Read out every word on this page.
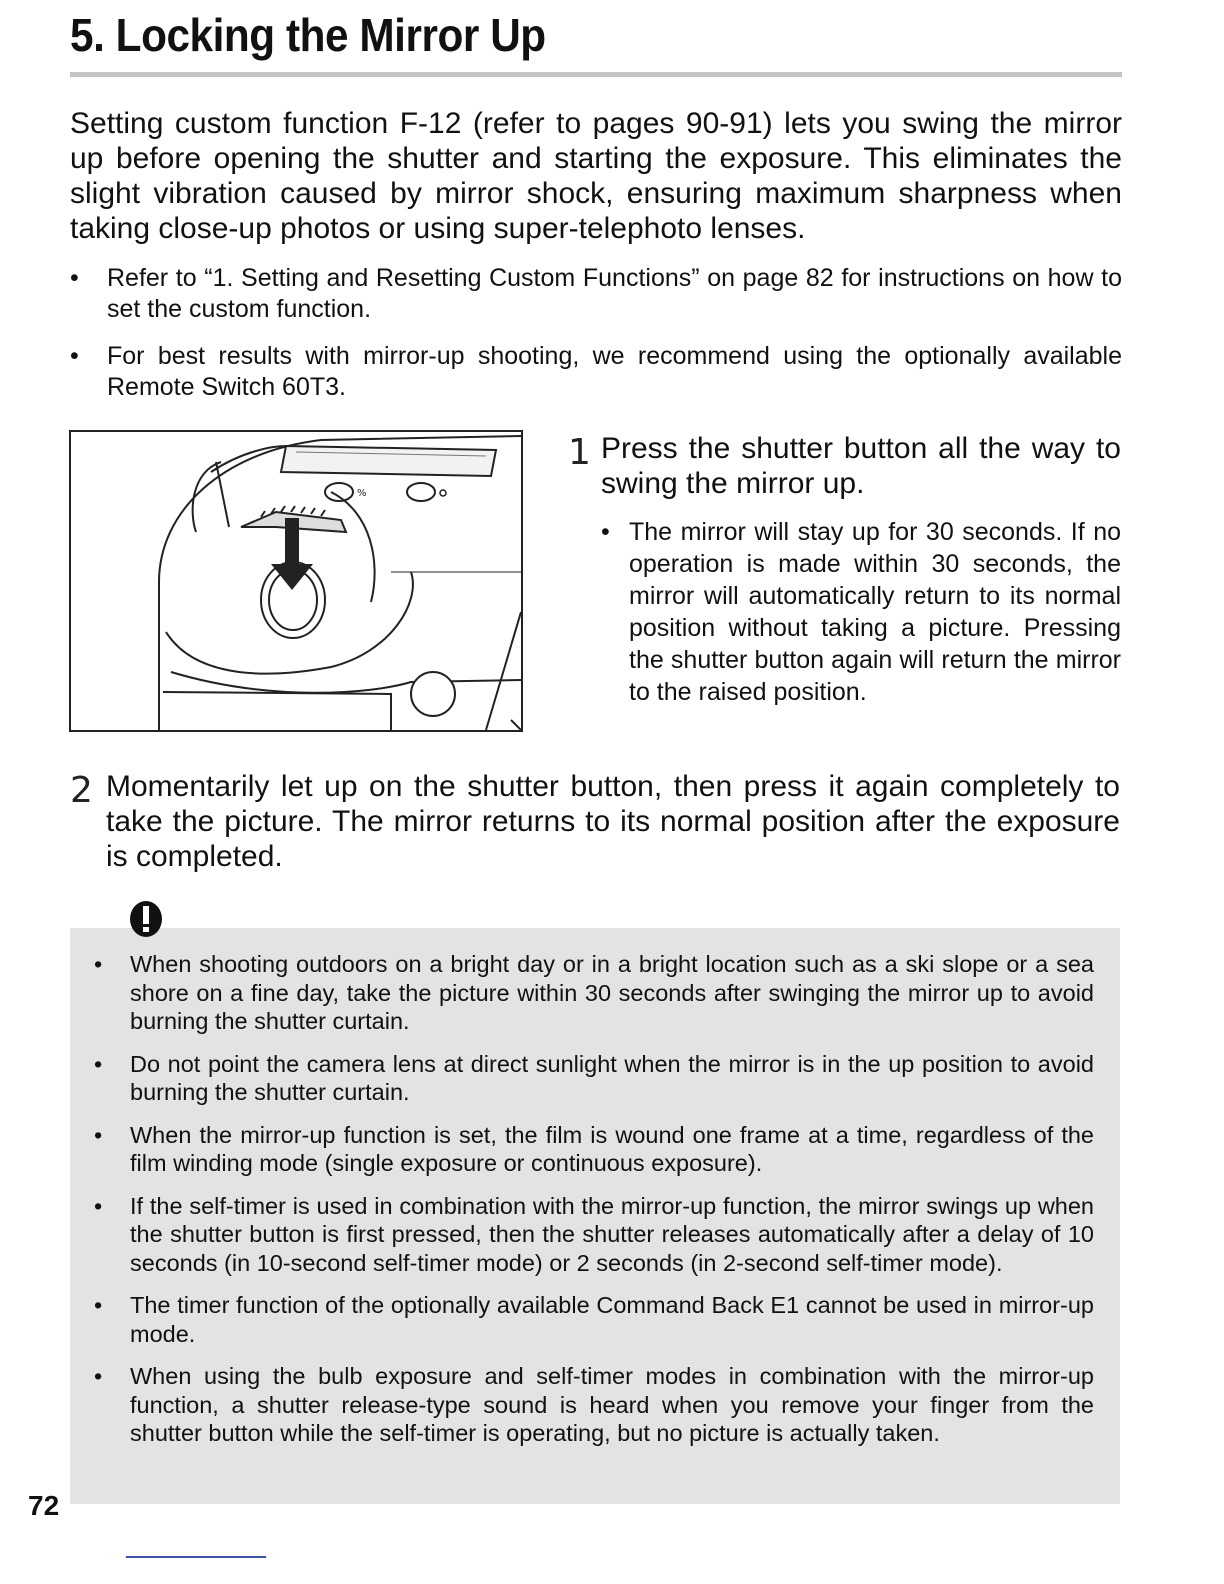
5. Locking the Mirror Up

Setting custom function F-12 (refer to pages 90-91) lets you swing the mirror up before opening the shutter and starting the exposure. This eliminates the slight vibration caused by mirror shock, ensuring maximum sharpness when taking close-up photos or using super-telephoto lenses.

• Refer to “1. Setting and Resetting Custom Functions” on page 82 for instructions on how to set the custom function.
• For best results with mirror-up shooting, we recommend using the optionally available Remote Switch 60T3.
%
1 Press the shutter button all the way to swing the mirror up.

• The mirror will stay up for 30 seconds. If no operation is made within 30 seconds, the mirror will automatically return to its normal position without taking a picture. Pressing the shutter button again will return the mirror to the raised position.
2 Momentarily let up on the shutter button, then press it again completely to take the picture. The mirror returns to its normal position after the exposure is completed.

• When shooting outdoors on a bright day or in a bright location such as a ski slope or a sea shore on a fine day, take the picture within 30 seconds after swinging the mirror up to avoid burning the shutter curtain.
• Do not point the camera lens at direct sunlight when the mirror is in the up position to avoid burning the shutter curtain.
• When the mirror-up function is set, the film is wound one frame at a time, regardless of the film winding mode (single exposure or continuous exposure).
• If the self-timer is used in combination with the mirror-up function, the mirror swings up when the shutter button is first pressed, then the shutter releases automatically after a delay of 10 seconds (in 10-second self-timer mode) or 2 seconds (in 2-second self-timer mode).
• The timer function of the optionally available Command Back E1 cannot be used in mirror-up mode.
• When using the bulb exposure and self-timer modes in combination with the mirror-up function, a shutter release-type sound is heard when you remove your finger from the shutter button while the self-timer is operating, but no picture is actually taken.
72
